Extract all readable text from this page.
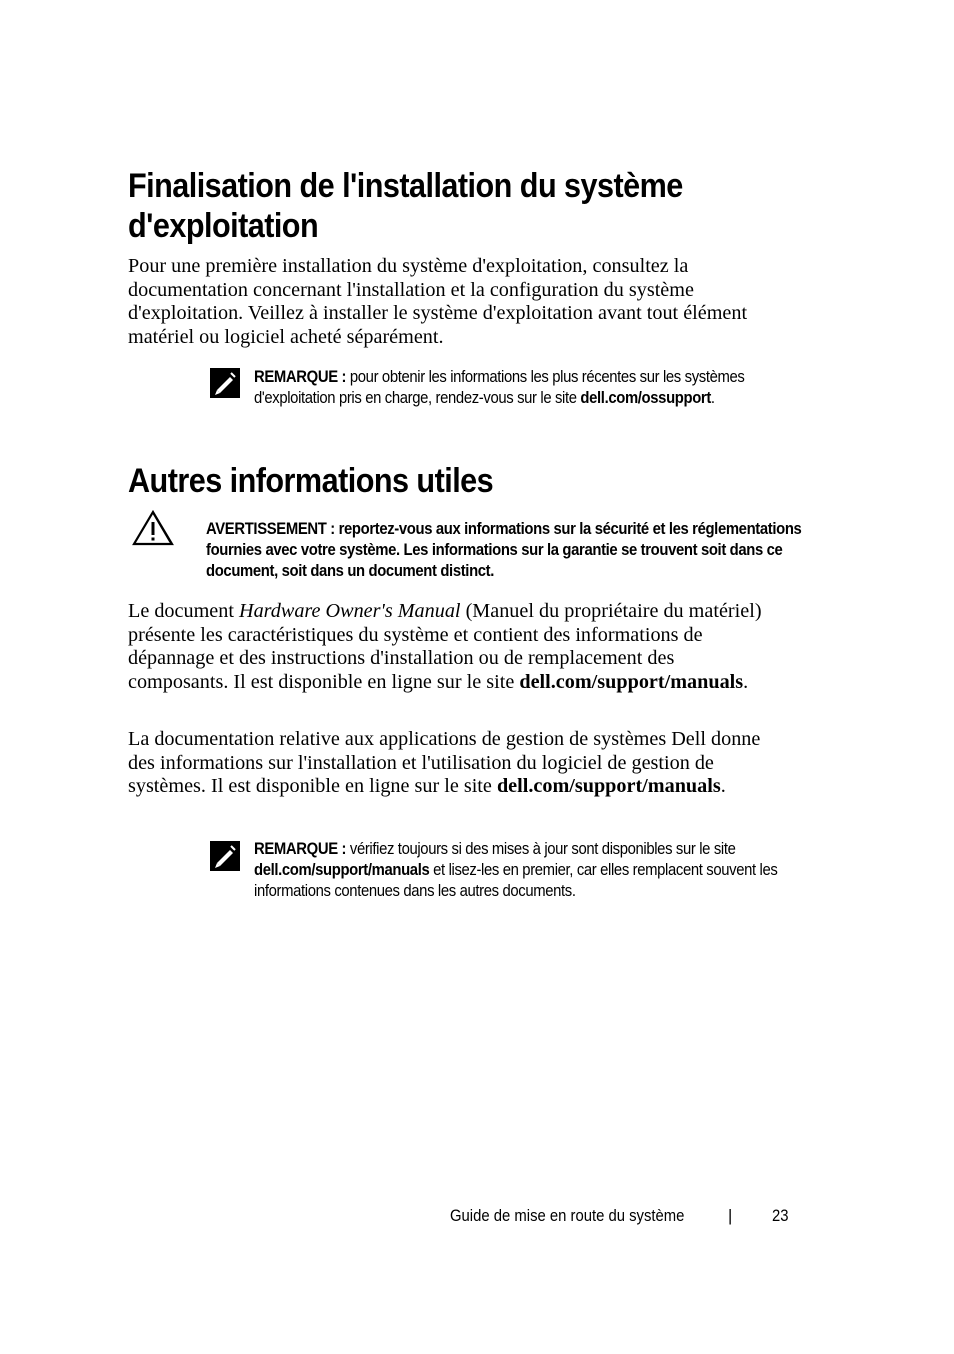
Finalisation de l'installation du système
d'exploitation

Pour une première installation du système d'exploitation, consultez la documentation concernant l'installation et la configuration du système d'exploitation. Veillez à installer le système d'exploitation avant tout élément matériel ou logiciel acheté séparément.

REMARQUE : pour obtenir les informations les plus récentes sur les systèmes d'exploitation pris en charge, rendez-vous sur le site dell.com/ossupport.
Autres informations utiles
AVERTISSEMENT : reportez-vous aux informations sur la sécurité et les réglementations fournies avec votre système. Les informations sur la garantie se trouvent soit dans ce document, soit dans un document distinct.

Le document Hardware Owner's Manual (Manuel du propriétaire du matériel) présente les caractéristiques du système et contient des informations de dépannage et des instructions d'installation ou de remplacement des composants. Il est disponible en ligne sur le site dell.com/support/manuals.

La documentation relative aux applications de gestion de systèmes Dell donne des informations sur l'installation et l'utilisation du logiciel de gestion de systèmes. Il est disponible en ligne sur le site dell.com/support/manuals.

REMARQUE : vérifiez toujours si des mises à jour sont disponibles sur le site dell.com/support/manuals et lisez-les en premier, car elles remplacent souvent les informations contenues dans les autres documents.
Guide de mise en route du système	| 23
